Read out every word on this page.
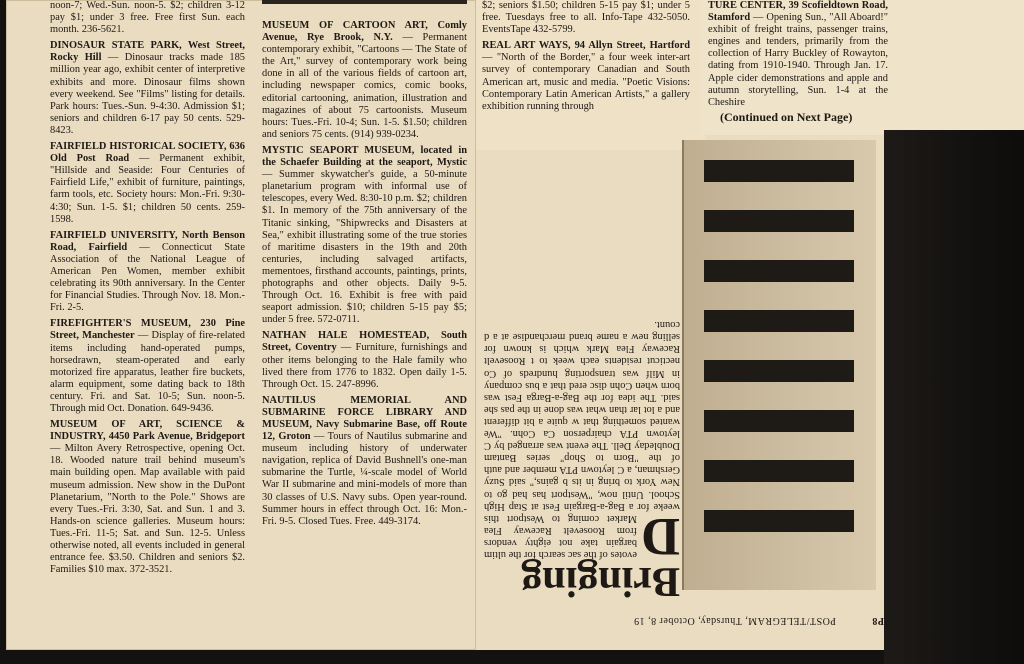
noon-7; Wed.-Sun. noon-5. $2; children 3-12 pay $1; under 3 free. Free first Sun. each month. 236-5621.

DINOSAUR STATE PARK, West Street, Rocky Hill — Dinosaur tracks made 185 million year ago, exhibit center of interpretive exhibits and more. Dinosaur films shown every weekend. See "Films" listing for details. Park hours: Tues.-Sun. 9-4:30. Admission $1; seniors and children 6-17 pay 50 cents. 529-8423.

FAIRFIELD HISTORICAL SOCIETY, 636 Old Post Road — Permanent exhibit, "Hillside and Seaside: Four Centuries of Fairfield Life," exhibit of furniture, paintings, farm tools, etc. Society hours: Mon.-Fri. 9:30-4:30; Sun. 1-5. $1; children 50 cents. 259-1598.

FAIRFIELD UNIVERSITY, North Benson Road, Fairfield — Connecticut State Association of the National League of American Pen Women, member exhibit celebrating its 90th anniversary. In the Center for Financial Studies. Through Nov. 18. Mon.-Fri. 2-5.

FIREFIGHTER'S MUSEUM, 230 Pine Street, Manchester — Display of fire-related items including hand-operated pumps, horsedrawn, steam-operated and early motorized fire apparatus, leather fire buckets, alarm equipment, some dating back to 18th century. Fri. and Sat. 10-5; Sun. noon-5. Through mid Oct. Donation. 649-9436.

MUSEUM OF ART, SCIENCE & INDUSTRY, 4450 Park Avenue, Bridgeport — Milton Avery Retrospective, opening Oct. 18. Wooded nature trail behind museum's main building open. Map available with paid museum admission. New show in the DuPont Planetarium, "North to the Pole." Shows are every Tues.-Fri. 3:30, Sat. and Sun. 1 and 3. Hands-on science galleries. Museum hours: Tues.-Fri. 11-5; Sat. and Sun. 12-5. Unless otherwise noted, all events included in general entrance fee. $3.50. Children and seniors $2. Families $10 max. 372-3521.

MUSEUM OF CARTOON ART, Comly Avenue, Rye Brook, N.Y. — Permanent contemporary exhibit, "Cartoons — The State of the Art," survey of contemporary work being done in all of the various fields of cartoon art, including newspaper comics, comic books, editorial cartooning, animation, illustration and magazines of about 75 cartoonists. Museum hours: Tues.-Fri. 10-4; Sun. 1-5. $1.50; children and seniors 75 cents. (914) 939-0234.

MYSTIC SEAPORT MUSEUM, located in the Schaefer Building at the seaport, Mystic — Summer skywatcher's guide, a 50-minute planetarium program with informal use of telescopes, every Wed. 8:30-10 p.m. $2; children $1. In memory of the 75th anniversary of the Titanic sinking, "Shipwrecks and Disasters at Sea," exhibit illustrating some of the true stories of maritime disasters in the 19th and 20th centuries, including salvaged artifacts, mementoes, firsthand accounts, paintings, prints, photographs and other objects. Daily 9-5. Through Oct. 16. Exhibit is free with paid seaport admission. $10; children 5-15 pay $5; under 5 free. 572-0711.

NATHAN HALE HOMESTEAD, South Street, Coventry — Furniture, furnishings and other items belonging to the Hale family who lived there from 1776 to 1832. Open daily 1-5. Through Oct. 15. 247-8996.

NAUTILUS MEMORIAL AND SUBMARINE FORCE LIBRARY AND MUSEUM, Navy Submarine Base, off Route 12, Groton — Tours of Nautilus submarine and museum including history of underwater navigation, replica of David Bushnell's one-man submarine the Turtle, ¼-scale model of World War II submarine and mini-models of more than 30 classes of U.S. Navy subs. Open year-round. Summer hours in effect through Oct. 16: Mon.-Fri. 9-5. Closed Tues. Free. 449-3174.

$2; seniors $1.50; children 5-15 pay $1; under 5 free. Tuesdays free to all. Info-Tape 432-5050. EventsTape 432-5799.

REAL ART WAYS, 94 Allyn Street, Hartford — "North of the Border," a four week inter-art survey of contemporary Canadian and South American art, music and media. "Poetic Visions: Contemporary Latin American Artists," a gallery exhibition running through

TURE CENTER, 39 Scofieldtown Road, Stamford — Opening Sun., "All Aboard!" exhibit of freight trains, passenger trains, engines and tenders, primarily from the collection of Harry Buckley of Rowayton, dating from 1910-1940. Through Jan. 17. Apple cider demonstrations and apple and autumn storytelling, Sun. 1-4 at the Cheshire

(Continued on Next Page)
Bringing
D
evotes of the sac search for the ultim bargain take not eighty vendors from Roosevelt Raceway Flea Market coming to Westport this weeke for a Bag-a-Bargain Fest at Stap High School. Until now, "Westport has had go to New York to bring in its b gains," said Suzy Gershman, a C leytown PTA member and auth of the "Born to Shop" series Bantam Doubleday Dell. The event was arranged by C leytown PTA chairperson Ca Cohn. "We wanted something that w quite a bit different and a lot lar than what was done in the pas she said. The idea for the Bag-a-Barga Fest was born when Cohn disc ered that a bus company in Milf was transporting hundreds of Co necticut residents each week to t Roosevelt Raceway Flea Mark which is known for selling new a name brand merchandise at a d count.
P8            POST/TELEGRAM, Thursday, October 8, 19
